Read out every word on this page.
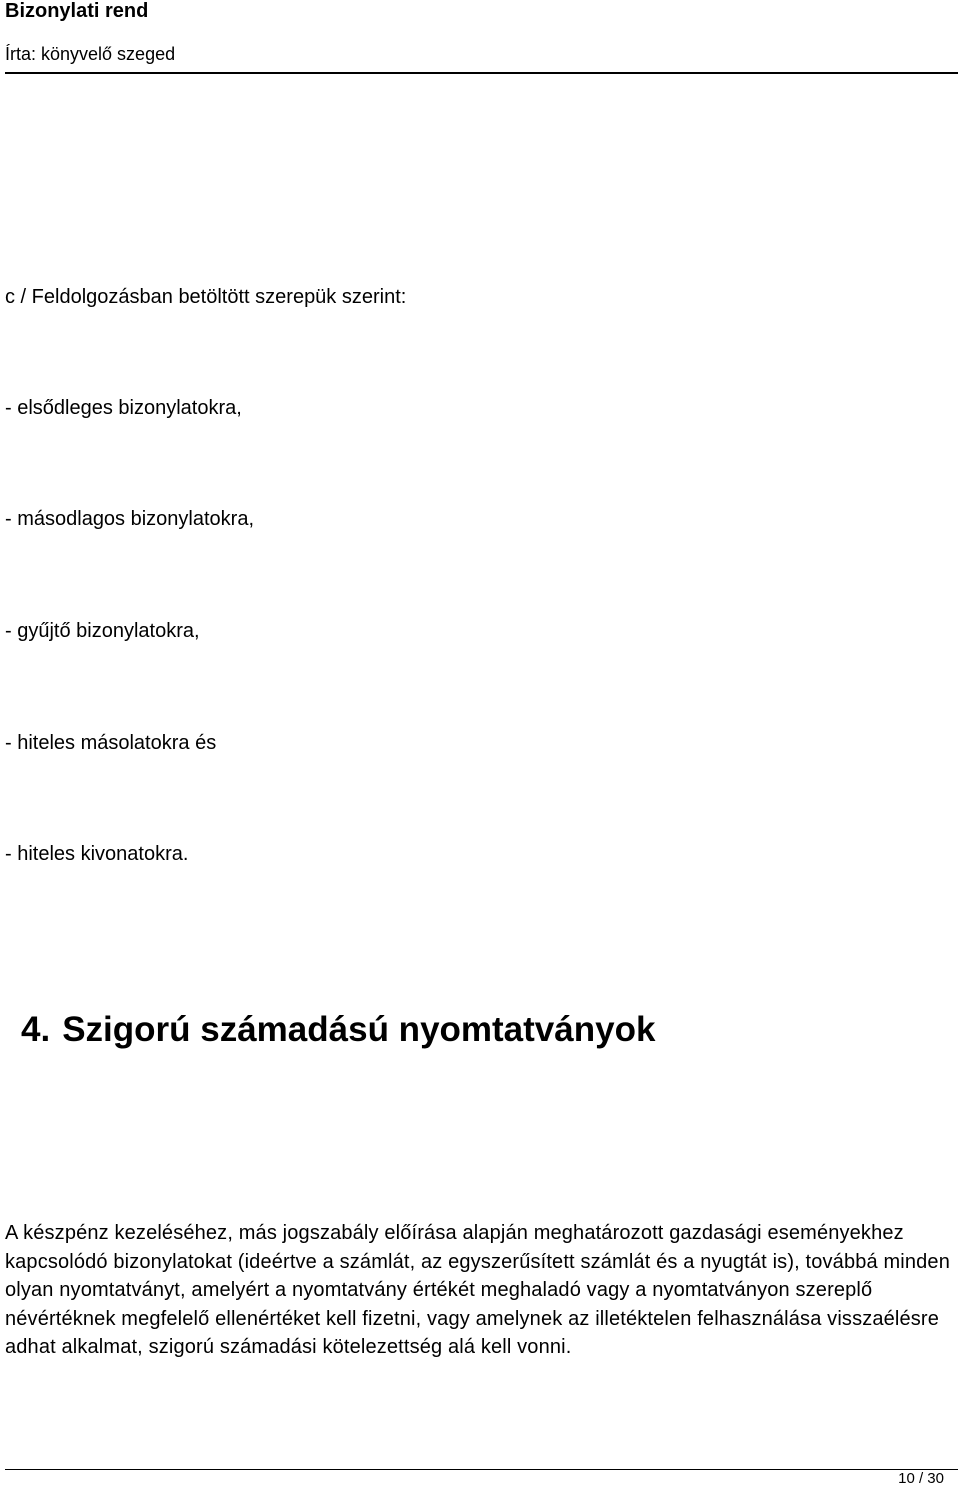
Bizonylati rend
Írta: könyvelő szeged

c / Feldolgozásban betöltött szerepük szerint:

- elsődleges bizonylatokra,

- másodlagos bizonylatokra,

- gyűjtő bizonylatokra,

- hiteles másolatokra és

- hiteles kivonatokra.

4. Szigorú számadású nyomtatványok

A készpénz kezeléséhez, más jogszabály előírása alapján meghatározott gazdasági eseményekhez kapcsolódó bizonylatokat (ideértve a számlát, az egyszerűsített számlát és a nyugtát is), továbbá minden olyan nyomtatványt, amelyért a nyomtatvány értékét meghaladó vagy a nyomtatványon szereplő névértéknek megfelelő ellenértéket kell fizetni, vagy amelynek az illetéktelen felhasználása visszaélésre adhat alkalmat, szigorú számadási kötelezettség alá kell vonni.

10 / 30
